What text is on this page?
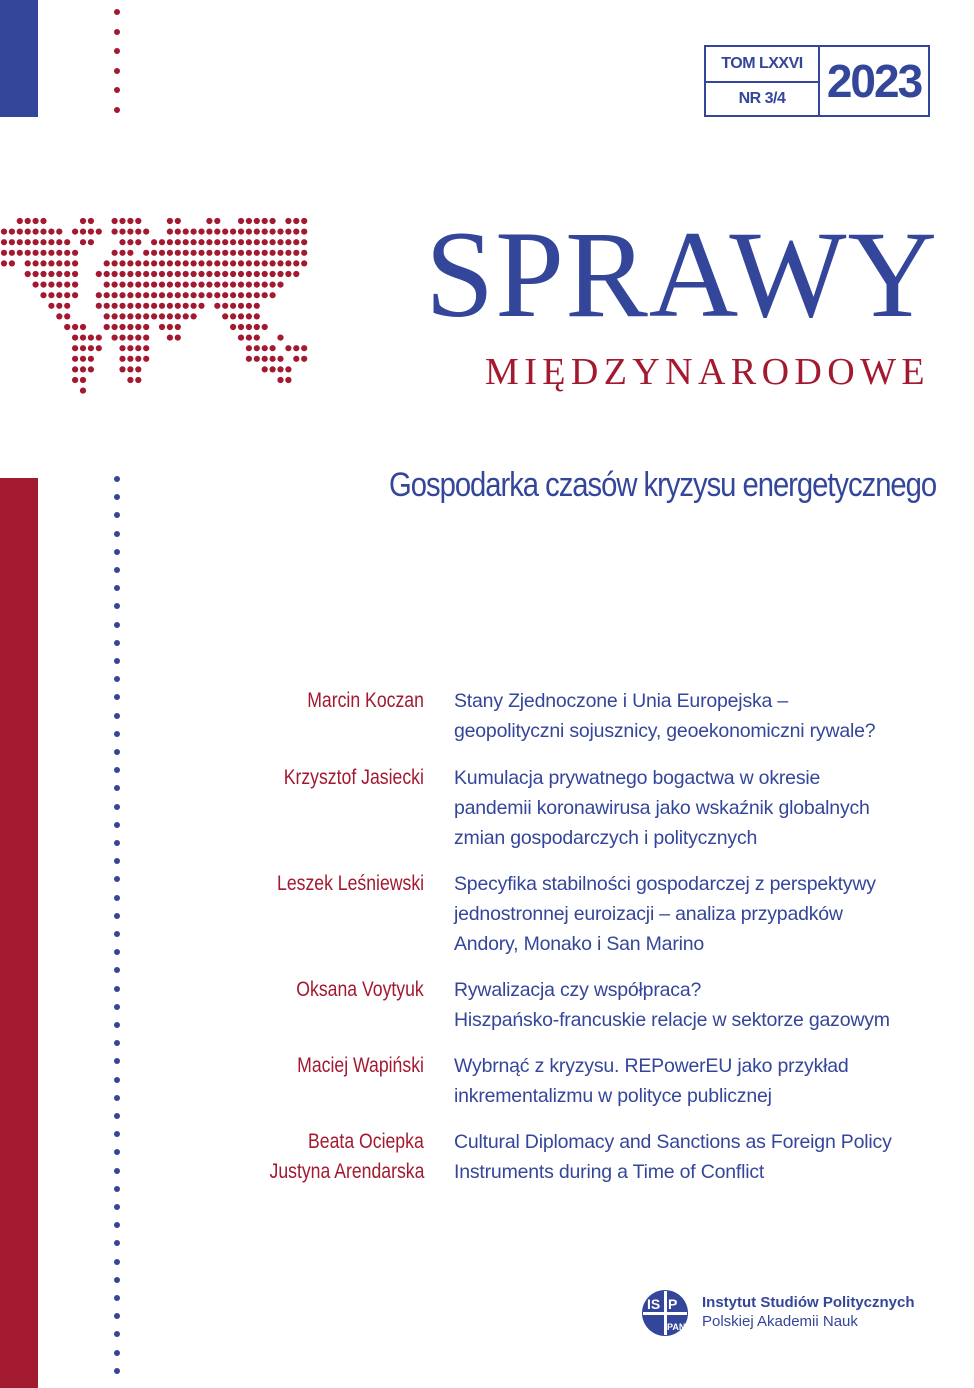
TOM LXXVI
NR 3/4 2023
SPRAWY
MIĘDZYNARODOWE
Gospodarka czasów kryzysu energetycznego
Marcin Koczan Stany Zjednoczone i Unia Europejska –
geopolityczni sojusznicy, geoekonomiczni rywale?
Krzysztof Jasiecki Kumulacja prywatnego bogactwa w okresie
pandemii koronawirusa jako wskaźnik globalnych
zmian gospodarczych i politycznych
Leszek Leśniewski Specyfika stabilności gospodarczej z perspektywy
jednostronnej euroizacji – analiza przypadków
Andory, Monako i San Marino
Oksana Voytyuk Rywalizacja czy współpraca?
Hiszpańsko-francuskie relacje w sektorze gazowym
Maciej Wapiński Wybrnąć z kryzysu. REPowerEU jako przykład
inkrementalizmu w polityce publicznej
Beata Ociepka
Justyna Arendarska
Cultural Diplomacy and Sanctions as Foreign Policy
Instruments during a Time of Conflict
IS P
PAN
Instytut Studiów Politycznych
Polskiej Akademii Nauk
